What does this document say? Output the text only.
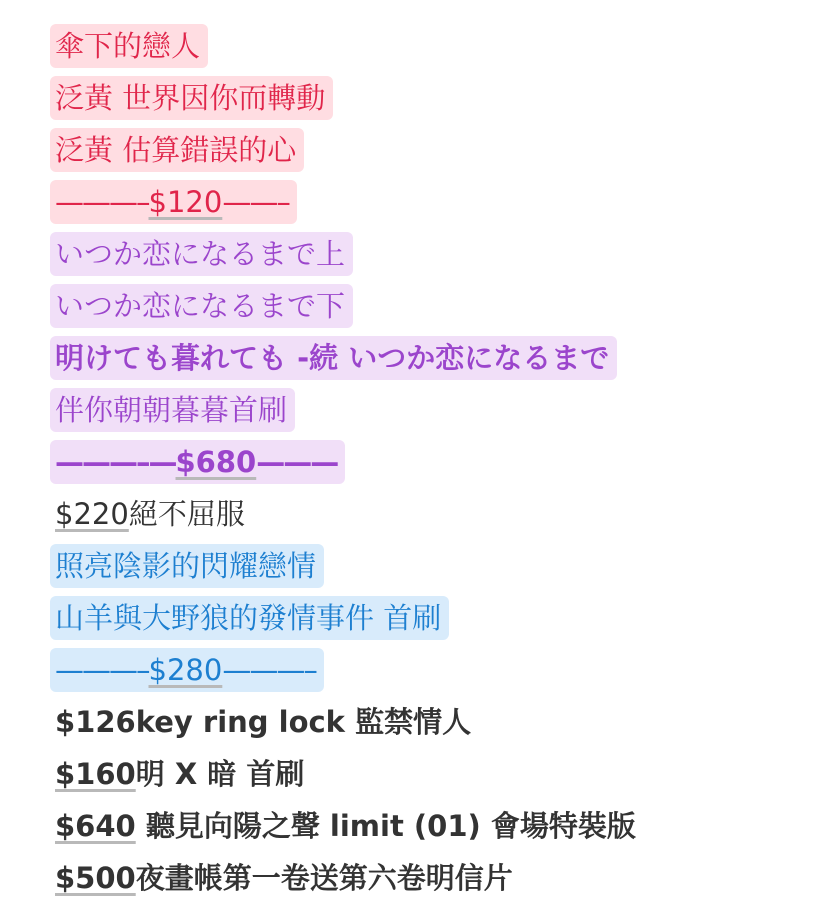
傘下的戀人
泛黃 世界因你而轉動
泛黃 估算錯誤的心
———–$120——–
いつか恋になるまで上
いつか恋になるまで下
明けても暮れても -続 いつか恋になるまで
伴你朝朝暮暮首刷
———–—$680———
$220絕不屈服
照亮陰影的閃耀戀情
山羊與大野狼的發情事件 首刷
———–$280———–
$126key ring lock 監禁情人
$160明 X 暗 首刷
$640 聽見向陽之聲 limit (01) 會場特裝版
$500夜畫帳第一卷送第六卷明信片
